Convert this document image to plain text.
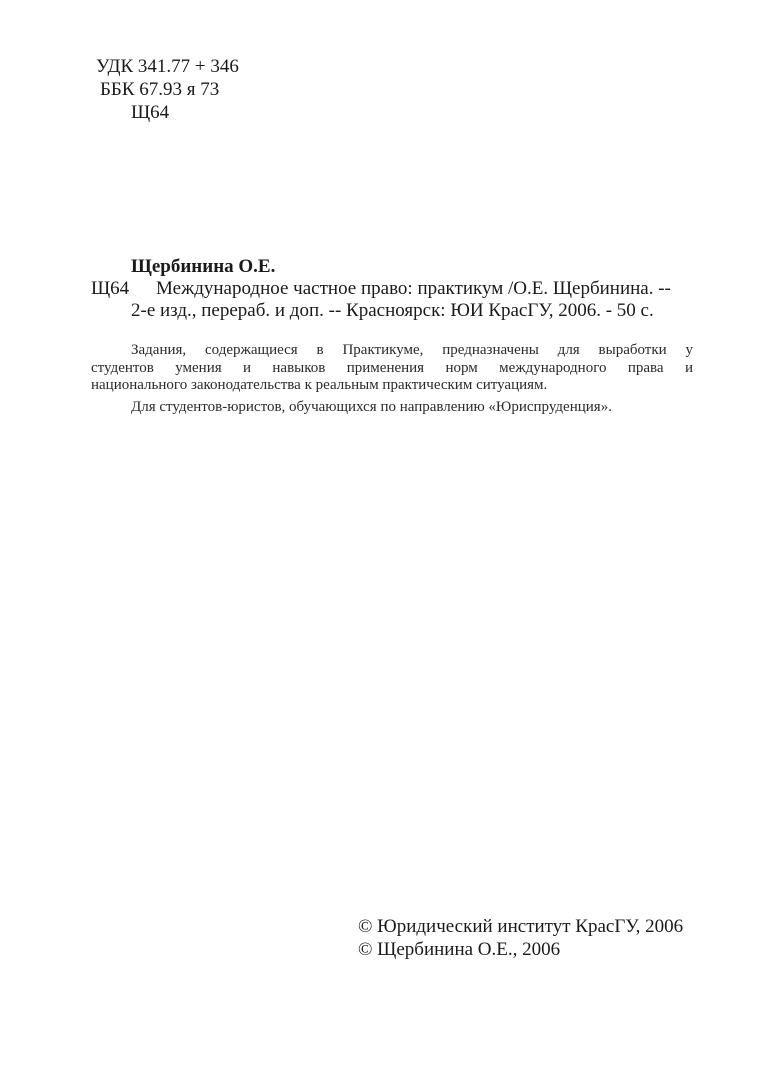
УДК 341.77 + 346
ББК 67.93 я 73
Щ64
Щербинина О.Е.
Щ64 Международное частное право: практикум /О.Е. Щербинина. --
2-е изд., перераб. и доп. -- Красноярск: ЮИ КрасГУ, 2006. - 50 с.
Задания, содержащиеся в Практикуме, предназначены для выработки у
студентов умения и навыков применения норм международного права и
национального законодательства к реальным практическим ситуациям.
Для студентов-юристов, обучающихся по направлению «Юриспруденция».
© Юридический институт КрасГУ, 2006
© Щербинина О.Е., 2006
